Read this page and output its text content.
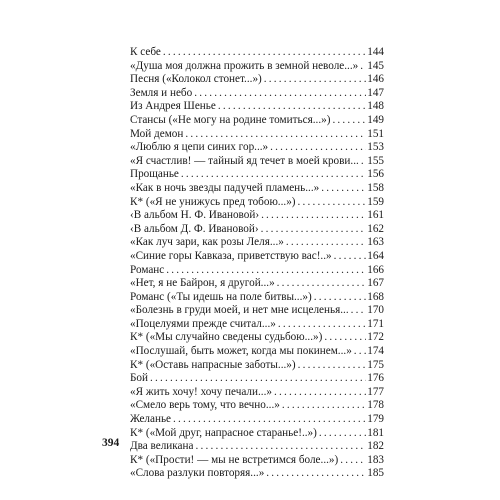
394
К себе .....	144
«Душа моя должна прожить в земной неволе...» ..... 145
Песня («Колокол стонет...») .....	146
Земля и небо .....	147
Из Андрея Шенье .....	148
Стансы («Не могу на родине томиться...») .....	149
Мой демон .....	151
«Люблю я цепи синих гор...» .....	153
«Я счастлив! — тайный яд течет в моей крови... ..... 155
Прощанье .....	156
«Как в ночь звезды падучей пламень...» .....	158
К* («Я не унижусь пред тобою...») .....	159
‹В альбом Н. Ф. Ивановой› .....	161
‹В альбом Д. Ф. Ивановой› .....	162
«Как луч зари, как розы Леля...» .....	163
«Синие горы Кавказа, приветствую вас!..» .....	164
Романс .....	166
«Нет, я не Байрон, я другой...» .....	167
Романс («Ты идешь на поле битвы...») .....	168
«Болезнь в груди моей, и нет мне исцеленья... ..... 170
«Поцелуями прежде считал...» .....	171
К* («Мы случайно сведены судьбою...») .....	172
«Послушай, быть может, когда мы покинем...» ..... 174
К* («Оставь напрасные заботы...») .....	175
Бой .....	176
«Я жить хочу! хочу печали...» .....	177
«Смело верь тому, что вечно...» .....	178
Желанье .....	179
К* («Мой друг, напрасное старанье!..») .....	181
Два великана .....	182
К* («Прости! — мы не встретимся боле...») .....	183
«Слова разлуки повторяя...» .....	185
